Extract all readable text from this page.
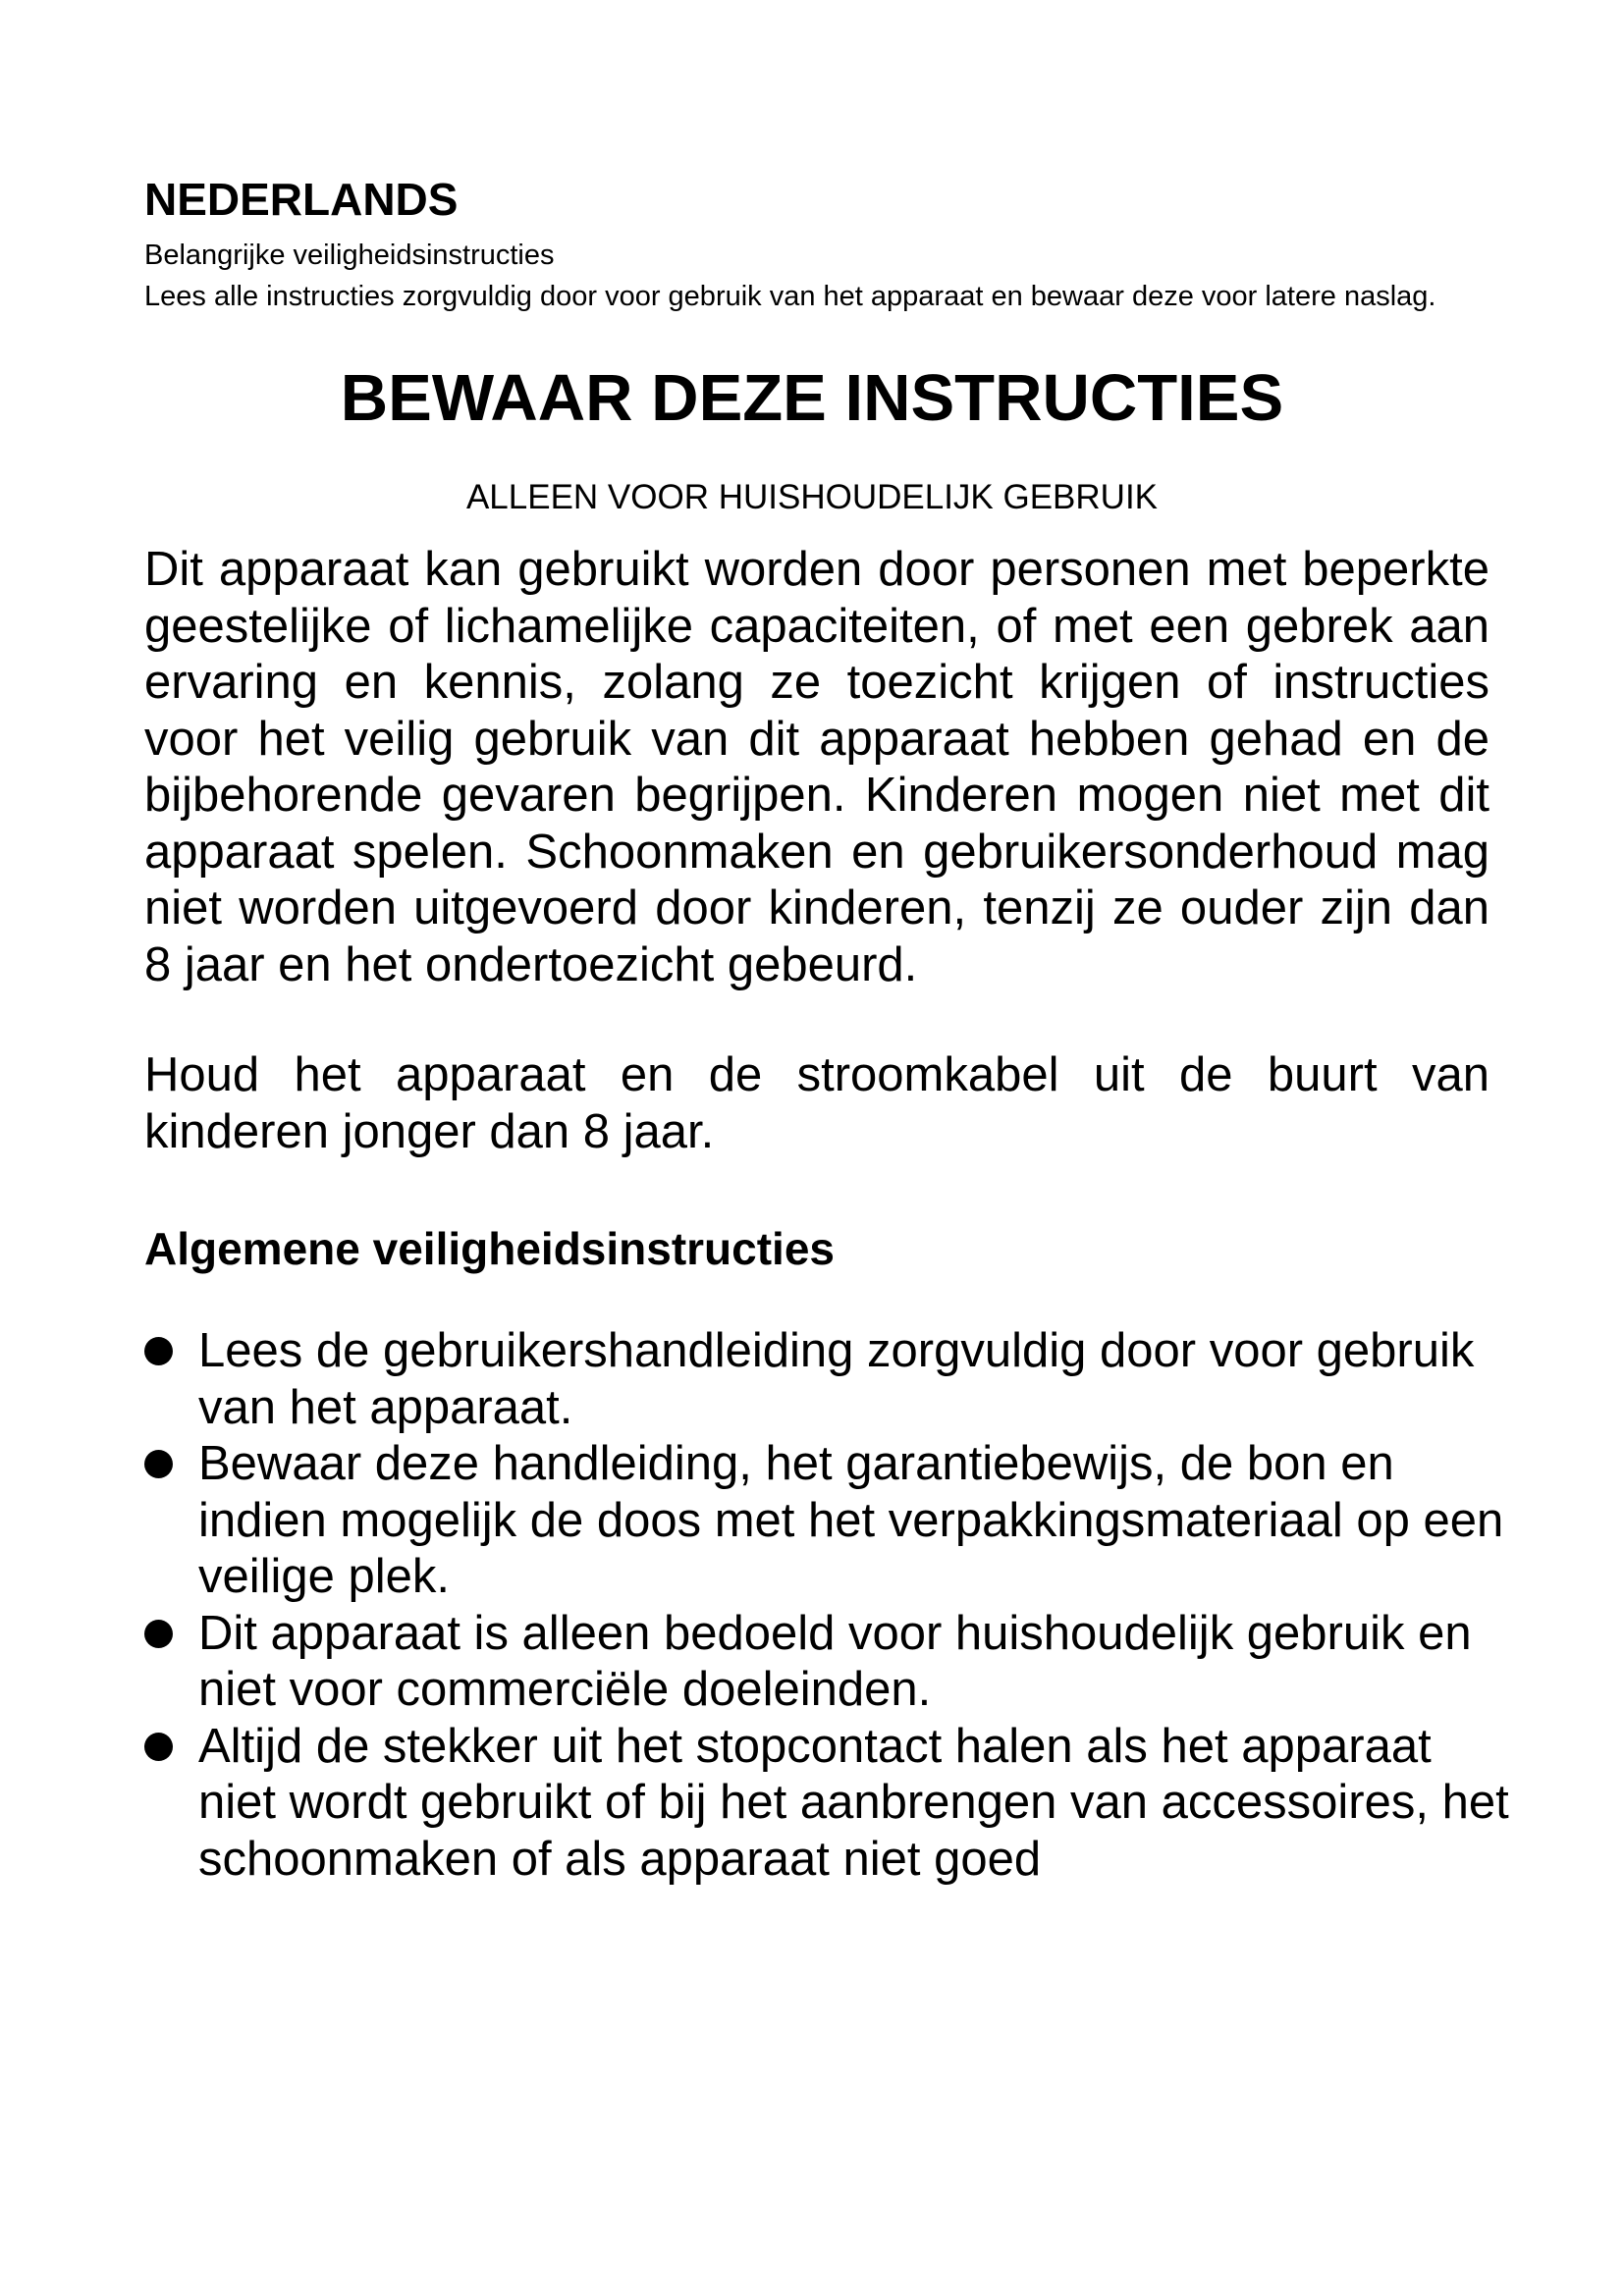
NEDERLANDS

Belangrijke veiligheidsinstructies

Lees alle instructies zorgvuldig door voor gebruik van het apparaat en bewaar deze voor latere naslag.

BEWAAR DEZE INSTRUCTIES

ALLEEN VOOR HUISHOUDELIJK GEBRUIK

Dit apparaat kan gebruikt worden door personen met beperkte geestelijke of lichamelijke capaciteiten, of met een gebrek aan ervaring en kennis, zolang ze toezicht krijgen of instructies voor het veilig gebruik van dit apparaat hebben gehad en de bijbehorende gevaren begrijpen. Kinderen mogen niet met dit apparaat spelen. Schoonmaken en gebruikersonderhoud mag niet worden uitgevoerd door kinderen, tenzij ze ouder zijn dan 8 jaar en het ondertoezicht gebeurd.

Houd het apparaat en de stroomkabel uit de buurt van kinderen jonger dan 8 jaar.

Algemene veiligheidsinstructies
Lees de gebruikershandleiding zorgvuldig door voor gebruik van het apparaat.
Bewaar deze handleiding, het garantiebewijs, de bon en indien mogelijk de doos met het verpakkingsmateriaal op een veilige plek.
Dit apparaat is alleen bedoeld voor huishoudelijk gebruik en niet voor commerciële doeleinden.
Altijd de stekker uit het stopcontact halen als het apparaat niet wordt gebruikt of bij het aanbrengen van accessoires, het schoonmaken of als apparaat niet goed
